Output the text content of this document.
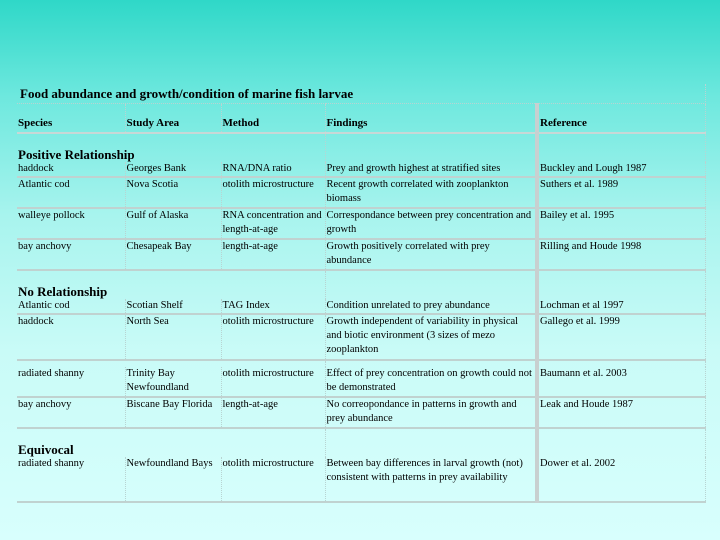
Food abundance and growth/condition of marine fish larvae				
Species	Study Area	Method	Findings	Reference
Positive Relationship				
haddock	Georges Bank	RNA/DNA ratio	Prey and growth highest at stratified sites	Buckley and Lough 1987
Atlantic cod	Nova Scotia	otolith microstructure	Recent growth correlated with zooplankton biomass	Suthers et al. 1989
walleye pollock	Gulf of Alaska	RNA concentration and length-at-age	Correspondance between prey concentration and growth	Bailey et al. 1995
bay anchovy	Chesapeak Bay	length-at-age	Growth positively correlated with prey abundance	Rilling and Houde 1998
No Relationship				
Atlantic cod	Scotian Shelf	TAG Index	Condition unrelated to prey abundance	Lochman et al 1997
haddock	North Sea	otolith microstructure	Growth independent of variability in physical and biotic environment (3 sizes of mezo zooplankton	Gallego et al. 1999

radiated shanny	Trinity Bay Newfoundland	otolith microstructure	Effect of prey concentration on growth could not be demonstrated	Baumann et al. 2003
bay anchovy	Biscane Bay Florida	length-at-age	No correopondance in patterns in growth and prey abundance	Leak and Houde 1987
Equivocal				
radiated shanny	Newfoundland Bays	otolith microstructure	Between bay differences in larval growth (not) consistent with patterns in prey availability	Dower et al. 2002
